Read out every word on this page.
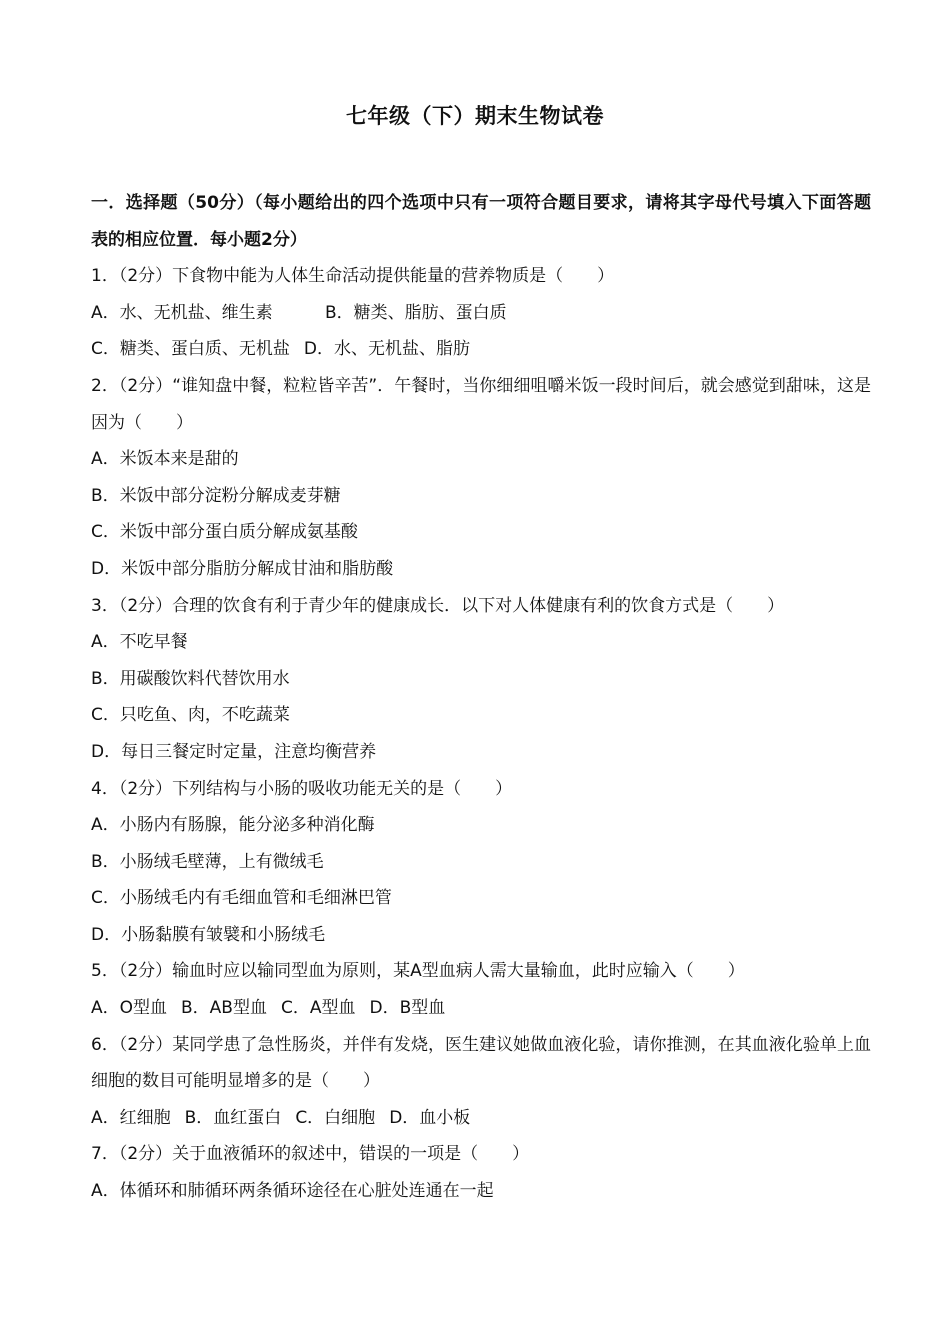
七年级（下）期末生物试卷
一．选择题（50分）（每小题给出的四个选项中只有一项符合题目要求，请将其字母代号填入下面答题表的相应位置．每小题2分）
1．（2分）下食物中能为人体生命活动提供能量的营养物质是（　　）
A．水、无机盐、维生素	B．糖类、脂肪、蛋白质
C．糖类、蛋白质、无机盐 D．水、无机盐、脂肪
2．（2分）“谁知盘中餐，粒粒皆辛苦”．午餐时，当你细细咀嚼米饭一段时间后，就会感觉到甜味，这是因为（　　）
A．米饭本来是甜的
B．米饭中部分淀粉分解成麦芽糖
C．米饭中部分蛋白质分解成氨基酸
D．米饭中部分脂肪分解成甘油和脂肪酸
3．（2分）合理的饮食有利于青少年的健康成长．以下对人体健康有利的饮食方式是（　　）
A．不吃早餐
B．用碳酸饮料代替饮用水
C．只吃鱼、肉，不吃蔬菜
D．每日三餐定时定量，注意均衡营养
4．（2分）下列结构与小肠的吸收功能无关的是（　　）
A．小肠内有肠腺，能分泌多种消化酶
B．小肠绒毛壁薄，上有微绒毛
C．小肠绒毛内有毛细血管和毛细淋巴管
D．小肠黏膜有皱襞和小肠绒毛
5．（2分）输血时应以输同型血为原则，某A型血病人需大量输血，此时应输入（　　）
A．O型血 B．AB型血 C．A型血 D．B型血
6．（2分）某同学患了急性肠炎，并伴有发烧，医生建议她做血液化验，请你推测，在其血液化验单上血细胞的数目可能明显增多的是（　　）
A．红细胞 B．血红蛋白 C．白细胞 D．血小板
7．（2分）关于血液循环的叙述中，错误的一项是（　　）
A．体循环和肺循环两条循环途径在心脏处连通在一起
